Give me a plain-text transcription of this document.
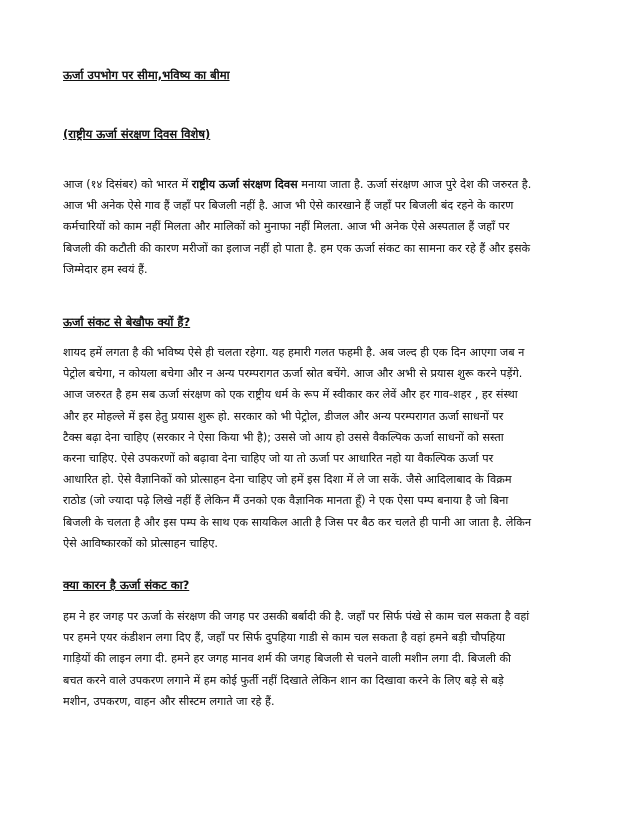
ऊर्जा उपभोग पर सीमा,भविष्य का बीमा
(राष्ट्रीय ऊर्जा संरक्षण दिवस विशेष)
आज (१४ दिसंबर) को भारत में राष्ट्रीय ऊर्जा संरक्षण दिवस मनाया जाता है. ऊर्जा संरक्षण आज पुरे देश की जरुरत है.
आज भी अनेक ऐसे गाव हैं जहाँ पर बिजली नहीं है. आज भी ऐसे कारखाने हैं जहाँ पर बिजली बंद रहने के कारण
कर्मचारियों को काम नहीं मिलता और मालिकों को मुनाफा नहीं मिलता. आज भी अनेक ऐसे अस्पताल हैं जहाँ पर
बिजली की कटौती की कारण मरीजों का इलाज नहीं हो पाता है. हम एक ऊर्जा संकट का सामना कर रहे हैं और इसके
जिम्मेदार हम स्वयं हैं.
ऊर्जा संकट से बेखौफ क्यों हैं?
शायद हमें लगता है की भविष्य ऐसे ही चलता रहेगा. यह हमारी गलत फहमी है. अब जल्द ही एक दिन आएगा जब न
पेट्रोल बचेगा, न कोयला बचेगा और न अन्य परम्परागत ऊर्जा स्रोत बचेंगे. आज और अभी से प्रयास शुरू करने पड़ेंगे.
आज जरुरत है हम सब ऊर्जा संरक्षण को एक राष्ट्रीय धर्म के रूप में स्वीकार कर लेवें और हर गाव-शहर , हर संस्था
और हर मोहल्ले में इस हेतु प्रयास शुरू हो. सरकार को भी पेट्रोल, डीजल और अन्य परम्परागत ऊर्जा साधनों पर
टैक्स बढ़ा देना चाहिए (सरकार ने ऐसा किया भी है); उससे जो आय हो उससे वैकल्पिक ऊर्जा साधनों को सस्ता
करना चाहिए. ऐसे उपकरणों को बढ़ावा देना चाहिए जो या तो ऊर्जा पर आधारित नहो या वैकल्पिक ऊर्जा पर
आधारित हो. ऐसे वैज्ञानिकों को प्रोत्साहन देना चाहिए जो हमें इस दिशा में ले जा सकें. जैसे आदिलाबाद के विक्रम
राठोड (जो ज्यादा पढ़े लिखे नहीं हैं लेकिन मैं उनको एक वैज्ञानिक मानता हूँ) ने एक ऐसा पम्प बनाया है जो बिना
बिजली के चलता है और इस पम्प के साथ एक सायकिल आती है जिस पर बैठ कर चलते ही पानी आ जाता है. लेकिन
ऐसे आविष्कारकों को प्रोत्साहन चाहिए.
क्या कारन है ऊर्जा संकट का?
हम ने हर जगह पर ऊर्जा के संरक्षण की जगह पर उसकी बर्बादी की है. जहाँ पर सिर्फ पंखे से काम चल सकता है वहां
पर हमने एयर कंडीशन लगा दिए हैं, जहाँ पर सिर्फ दुपहिया गाडी से काम चल सकता है वहां हमने बड़ी चौपहिया
गाड़ियों की लाइन लगा दी. हमने हर जगह मानव शर्म की जगह बिजली से चलने वाली मशीन लगा दी. बिजली की
बचत करने वाले उपकरण लगाने में हम कोई फुर्ती नहीं दिखाते लेकिन शान का दिखावा करने के लिए बड़े से बड़े
मशीन, उपकरण, वाहन और सीस्टम लगाते जा रहे हैं.
